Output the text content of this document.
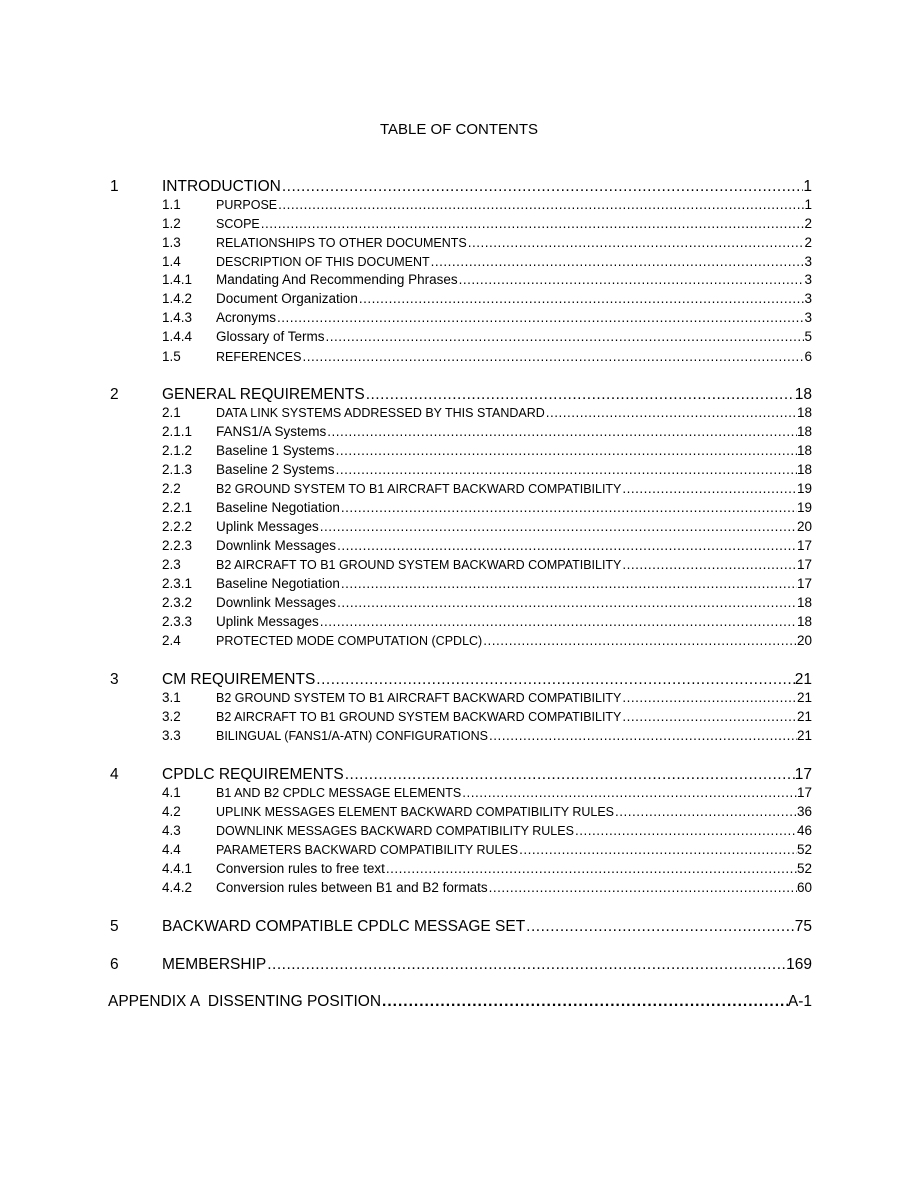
TABLE OF CONTENTS
1	INTRODUCTION .....	1
1.1	PURPOSE .....	1
1.2	SCOPE .....	2
1.3	RELATIONSHIPS TO OTHER DOCUMENTS .....	2
1.4	DESCRIPTION OF THIS DOCUMENT .....	3
1.4.1	Mandating And Recommending Phrases .....	3
1.4.2	Document Organization .....	3
1.4.3	Acronyms .....	3
1.4.4	Glossary of Terms .....	5
1.5	REFERENCES .....	6
2	GENERAL REQUIREMENTS .....	18
2.1	DATA LINK SYSTEMS ADDRESSED BY THIS STANDARD .....	18
2.1.1	FANS1/A Systems .....	18
2.1.2	Baseline 1 Systems .....	18
2.1.3	Baseline 2 Systems .....	18
2.2	B2 GROUND SYSTEM TO B1 AIRCRAFT BACKWARD COMPATIBILITY .....	19
2.2.1	Baseline Negotiation .....	19
2.2.2	Uplink Messages .....	20
2.2.3	Downlink Messages .....	17
2.3	B2 AIRCRAFT TO B1 GROUND SYSTEM BACKWARD COMPATIBILITY .....	17
2.3.1	Baseline Negotiation .....	17
2.3.2	Downlink Messages .....	18
2.3.3	Uplink Messages .....	18
2.4	PROTECTED MODE COMPUTATION (CPDLC) .....	20
3	CM REQUIREMENTS .....	21
3.1	B2 GROUND SYSTEM TO B1 AIRCRAFT BACKWARD COMPATIBILITY .....	21
3.2	B2 AIRCRAFT TO B1 GROUND SYSTEM BACKWARD COMPATIBILITY .....	21
3.3	BILINGUAL (FANS1/A-ATN) CONFIGURATIONS .....	21
4	CPDLC REQUIREMENTS .....	17
4.1	B1 AND B2 CPDLC MESSAGE ELEMENTS .....	17
4.2	UPLINK MESSAGES ELEMENT BACKWARD COMPATIBILITY RULES .....	36
4.3	DOWNLINK MESSAGES BACKWARD COMPATIBILITY RULES .....	46
4.4	PARAMETERS BACKWARD COMPATIBILITY RULES .....	52
4.4.1	Conversion rules to free text .....	52
4.4.2	Conversion rules between B1 and B2 formats .....	60
5	BACKWARD COMPATIBLE CPDLC MESSAGE SET .....	75
6	MEMBERSHIP .....	169
APPENDIX A  DISSENTING POSITION .....	A-1
